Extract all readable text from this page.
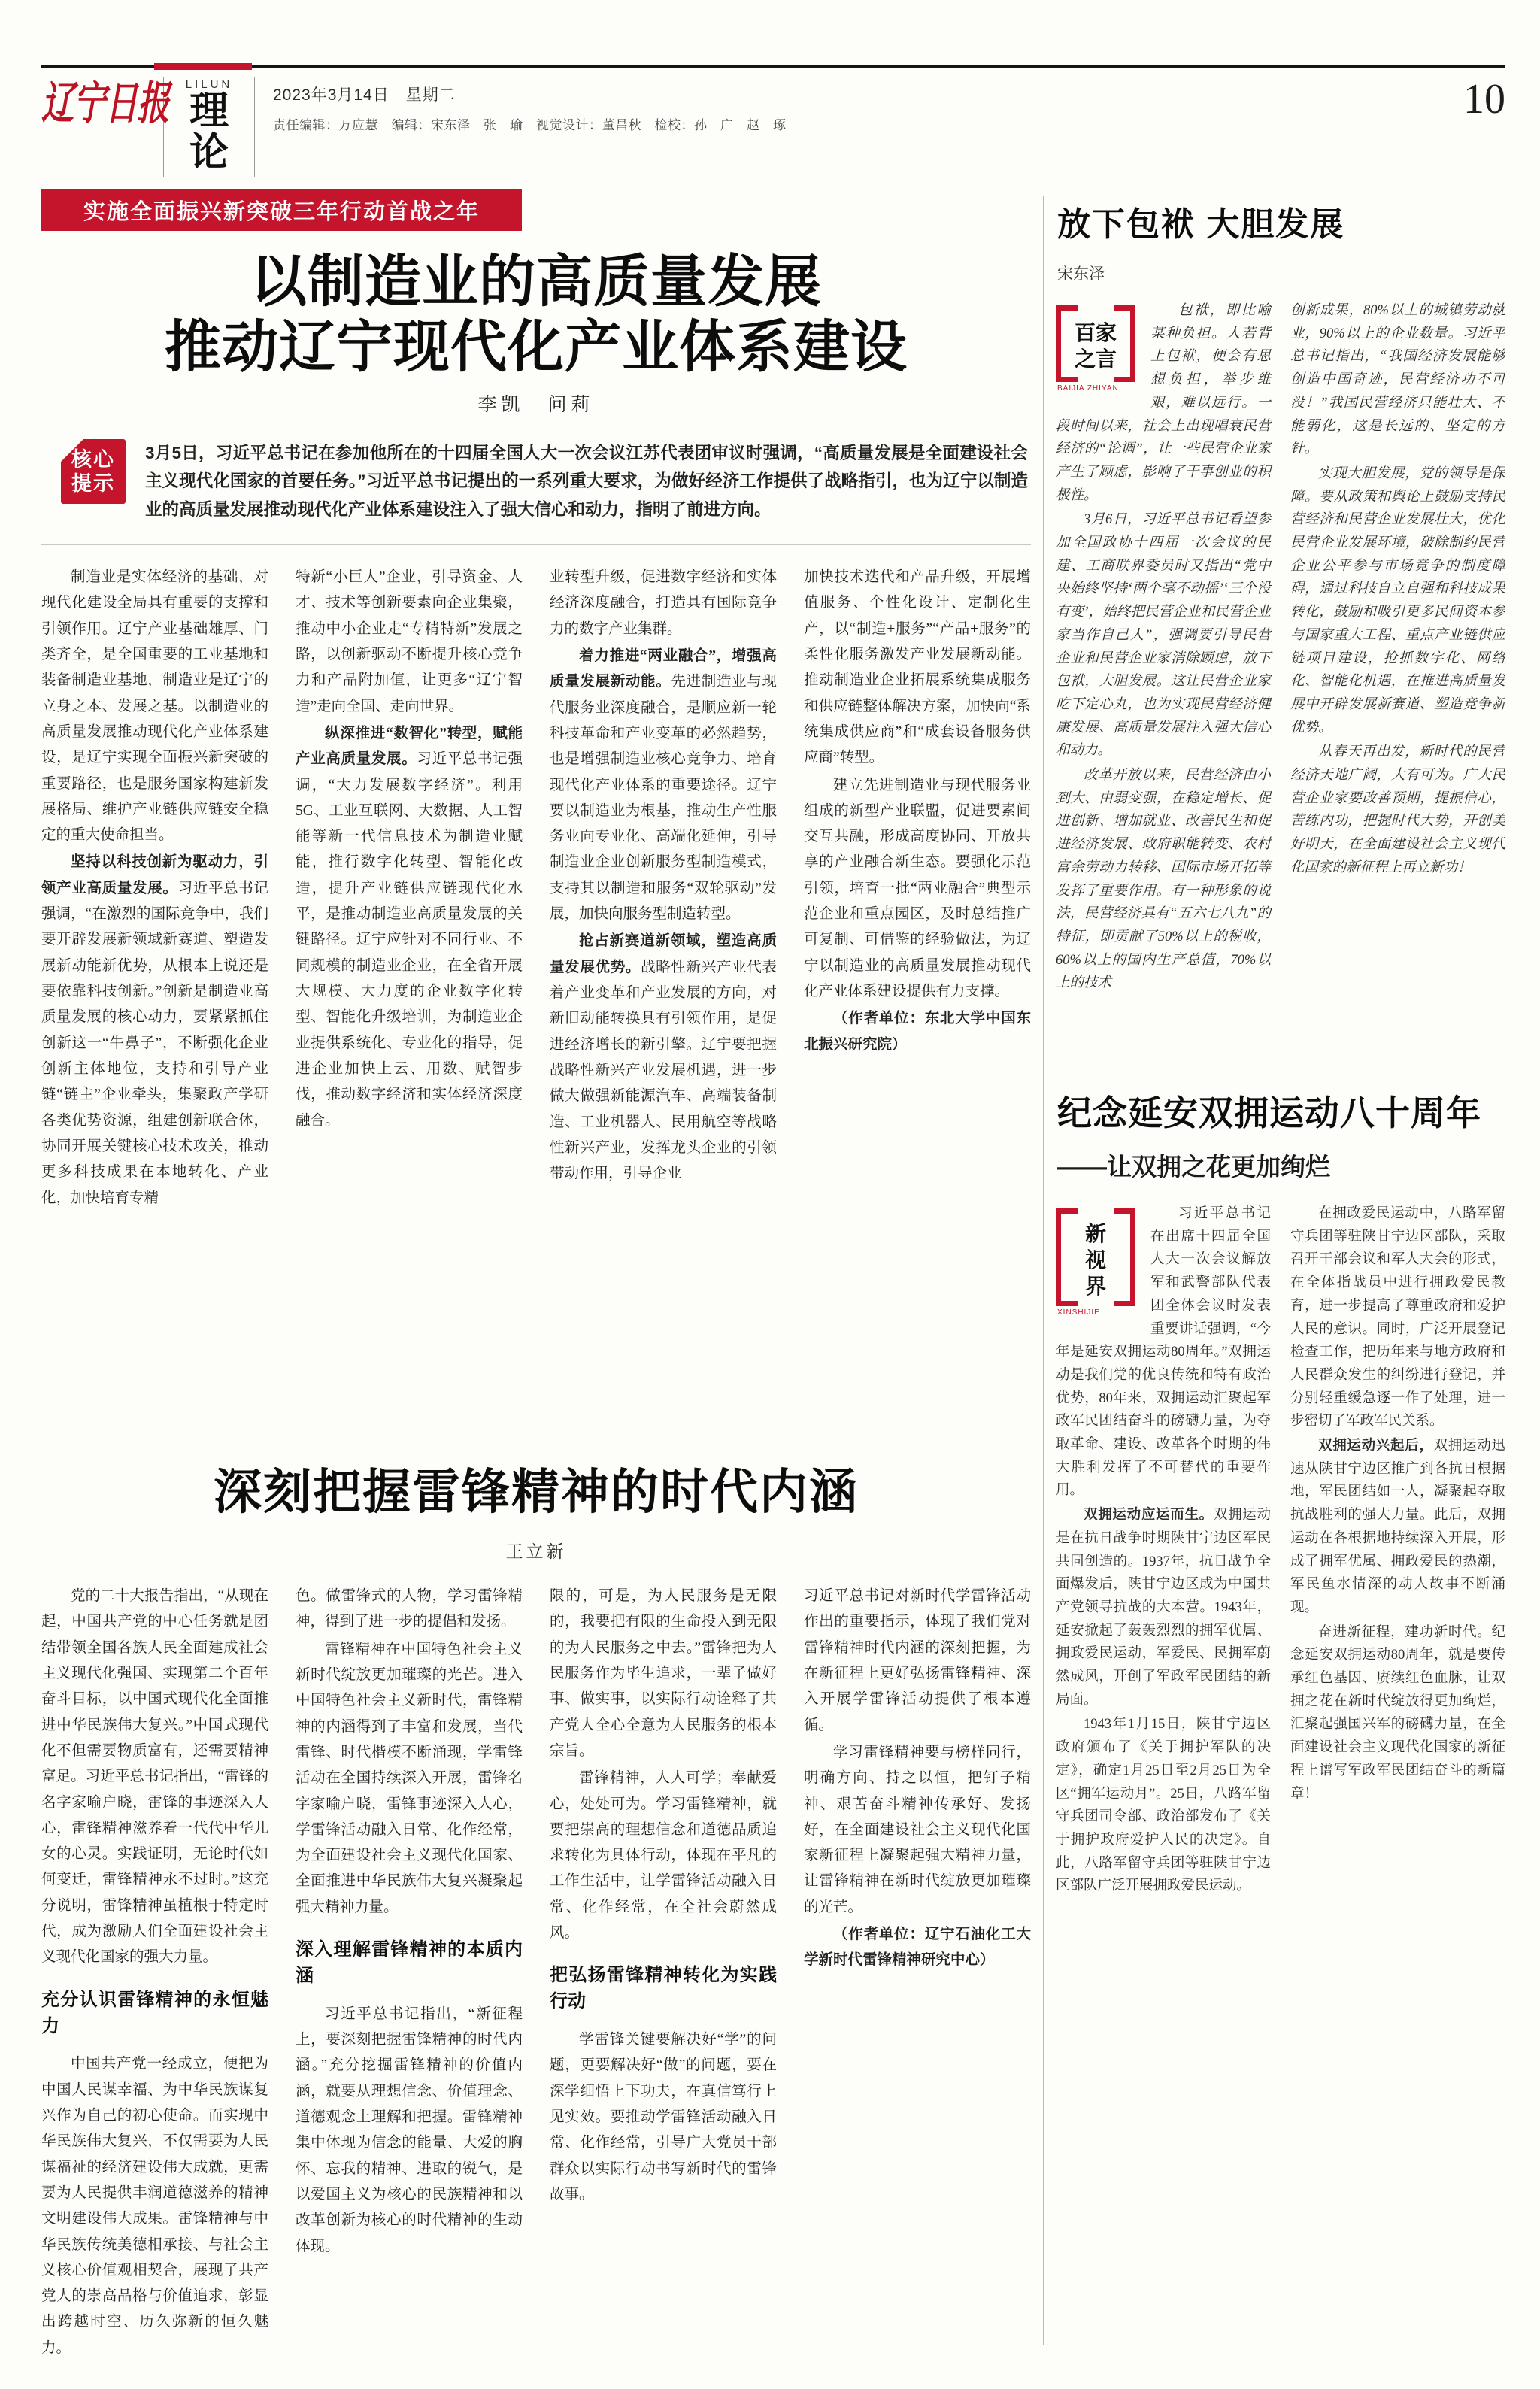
辽宁日报	LILUN
理论
2023年3月14日　星期二
责任编辑：万应慧　编辑：宋东泽　张　瑜　视觉设计：董昌秋　检校：孙　广　赵　琢
10
实施全面振兴新突破三年行动首战之年
以制造业的高质量发展
推动辽宁现代化产业体系建设
李凯　问莉
核心
提示
3月5日，习近平总书记在参加他所在的十四届全国人大一次会议江苏代表团审议时强调，“高质量发展是全面建设社会主义现代化国家的首要任务。”习近平总书记提出的一系列重大要求，为做好经济工作提供了战略指引，也为辽宁以制造业的高质量发展推动现代化产业体系建设注入了强大信心和动力，指明了前进方向。

制造业是实体经济的基础，对现代化建设全局具有重要的支撑和引领作用。辽宁产业基础雄厚、门类齐全，是全国重要的工业基地和装备制造业基地，制造业是辽宁的立身之本、发展之基。以制造业的高质量发展推动现代化产业体系建设，是辽宁实现全面振兴新突破的重要路径，也是服务国家构建新发展格局、维护产业链供应链安全稳定的重大使命担当。

坚持以科技创新为驱动力，引领产业高质量发展。习近平总书记强调，“在激烈的国际竞争中，我们要开辟发展新领域新赛道、塑造发展新动能新优势，从根本上说还是要依靠科技创新。”创新是制造业高质量发展的核心动力，要紧紧抓住创新这一“牛鼻子”，不断强化企业创新主体地位，支持和引导产业链“链主”企业牵头，集聚政产学研各类优势资源，组建创新联合体，协同开展关键核心技术攻关，推动更多科技成果在本地转化、产业化，加快培育专精

特新“小巨人”企业，引导资金、人才、技术等创新要素向企业集聚，推动中小企业走“专精特新”发展之路，以创新驱动不断提升核心竞争力和产品附加值，让更多“辽宁智造”走向全国、走向世界。

纵深推进“数智化”转型，赋能产业高质量发展。习近平总书记强调，“大力发展数字经济”。利用5G、工业互联网、大数据、人工智能等新一代信息技术为制造业赋能，推行数字化转型、智能化改造，提升产业链供应链现代化水平，是推动制造业高质量发展的关键路径。辽宁应针对不同行业、不同规模的制造业企业，在全省开展大规模、大力度的企业数字化转型、智能化升级培训，为制造业企业提供系统化、专业化的指导，促进企业加快上云、用数、赋智步伐，推动数字经济和实体经济深度融合。

业转型升级，促进数字经济和实体经济深度融合，打造具有国际竞争力的数字产业集群。

着力推进“两业融合”，增强高质量发展新动能。先进制造业与现代服务业深度融合，是顺应新一轮科技革命和产业变革的必然趋势，也是增强制造业核心竞争力、培育现代化产业体系的重要途径。辽宁要以制造业为根基，推动生产性服务业向专业化、高端化延伸，引导制造业企业创新服务型制造模式，支持其以制造和服务“双轮驱动”发展，加快向服务型制造转型。

抢占新赛道新领域，塑造高质量发展优势。战略性新兴产业代表着产业变革和产业发展的方向，对新旧动能转换具有引领作用，是促进经济增长的新引擎。辽宁要把握战略性新兴产业发展机遇，进一步做大做强新能源汽车、高端装备制造、工业机器人、民用航空等战略性新兴产业，发挥龙头企业的引领带动作用，引导企业

加快技术迭代和产品升级，开展增值服务、个性化设计、定制化生产，以“制造+服务”“产品+服务”的柔性化服务激发产业发展新动能。推动制造业企业拓展系统集成服务和供应链整体解决方案，加快向“系统集成供应商”和“成套设备服务供应商”转型。

建立先进制造业与现代服务业组成的新型产业联盟，促进要素间交互共融，形成高度协同、开放共享的产业融合新生态。要强化示范引领，培育一批“两业融合”典型示范企业和重点园区，及时总结推广可复制、可借鉴的经验做法，为辽宁以制造业的高质量发展推动现代化产业体系建设提供有力支撑。

（作者单位：东北大学中国东北振兴研究院）

深刻把握雷锋精神的时代内涵
王立新

党的二十大报告指出，“从现在起，中国共产党的中心任务就是团结带领全国各族人民全面建成社会主义现代化强国、实现第二个百年奋斗目标，以中国式现代化全面推进中华民族伟大复兴。”中国式现代化不但需要物质富有，还需要精神富足。习近平总书记指出，“雷锋的名字家喻户晓，雷锋的事迹深入人心，雷锋精神滋养着一代代中华儿女的心灵。实践证明，无论时代如何变迁，雷锋精神永不过时。”这充分说明，雷锋精神虽植根于特定时代，成为激励人们全面建设社会主义现代化国家的强大力量。

充分认识雷锋精神的永恒魅力

中国共产党一经成立，便把为中国人民谋幸福、为中华民族谋复兴作为自己的初心使命。而实现中华民族伟大复兴，不仅需要为人民谋福祉的经济建设伟大成就，更需要为人民提供丰润道德滋养的精神文明建设伟大成果。雷锋精神与中华民族传统美德相承接、与社会主义核心价值观相契合，展现了共产党人的崇高品格与价值追求，彰显出跨越时空、历久弥新的恒久魅力。

色。做雷锋式的人物，学习雷锋精神，得到了进一步的提倡和发扬。

雷锋精神在中国特色社会主义新时代绽放更加璀璨的光芒。进入中国特色社会主义新时代，雷锋精神的内涵得到了丰富和发展，当代雷锋、时代楷模不断涌现，学雷锋活动在全国持续深入开展，雷锋名字家喻户晓，雷锋事迹深入人心，学雷锋活动融入日常、化作经常，为全面建设社会主义现代化国家、全面推进中华民族伟大复兴凝聚起强大精神力量。

深入理解雷锋精神的本质内涵

习近平总书记指出，“新征程上，要深刻把握雷锋精神的时代内涵。”充分挖掘雷锋精神的价值内涵，就要从理想信念、价值理念、道德观念上理解和把握。雷锋精神集中体现为信念的能量、大爱的胸怀、忘我的精神、进取的锐气，是以爱国主义为核心的民族精神和以改革创新为核心的时代精神的生动体现。

限的，可是，为人民服务是无限的，我要把有限的生命投入到无限的为人民服务之中去。”雷锋把为人民服务作为毕生追求，一辈子做好事、做实事，以实际行动诠释了共产党人全心全意为人民服务的根本宗旨。

雷锋精神，人人可学；奉献爱心，处处可为。学习雷锋精神，就要把崇高的理想信念和道德品质追求转化为具体行动，体现在平凡的工作生活中，让学雷锋活动融入日常、化作经常，在全社会蔚然成风。

把弘扬雷锋精神转化为实践行动

学雷锋关键要解决好“学”的问题，更要解决好“做”的问题，要在深学细悟上下功夫，在真信笃行上见实效。要推动学雷锋活动融入日常、化作经常，引导广大党员干部群众以实际行动书写新时代的雷锋故事。

习近平总书记对新时代学雷锋活动作出的重要指示，体现了我们党对雷锋精神时代内涵的深刻把握，为在新征程上更好弘扬雷锋精神、深入开展学雷锋活动提供了根本遵循。

学习雷锋精神要与榜样同行，明确方向、持之以恒，把钉子精神、艰苦奋斗精神传承好、发扬好，在全面建设社会主义现代化国家新征程上凝聚起强大精神力量，让雷锋精神在新时代绽放更加璀璨的光芒。

（作者单位：辽宁石油化工大学新时代雷锋精神研究中心）

放下包袱 大胆发展
宋东泽
百家
之言
BAIJIA ZHIYAN

包袱，即比喻某种负担。人若背上包袱，便会有思想负担，举步维艰，难以远行。一段时间以来，社会上出现唱衰民营经济的“论调”，让一些民营企业家产生了顾虑，影响了干事创业的积极性。

3月6日，习近平总书记看望参加全国政协十四届一次会议的民建、工商联界委员时又指出“党中央始终坚持‘两个毫不动摇’‘三个没有变’，始终把民营企业和民营企业家当作自己人”，强调要引导民营企业和民营企业家消除顾虑，放下包袱，大胆发展。这让民营企业家吃下定心丸，也为实现民营经济健康发展、高质量发展注入强大信心和动力。

改革开放以来，民营经济由小到大、由弱变强，在稳定增长、促进创新、增加就业、改善民生和促进经济发展、政府职能转变、农村富余劳动力转移、国际市场开拓等发挥了重要作用。有一种形象的说法，民营经济具有“五六七八九”的特征，即贡献了50%以上的税收，60%以上的国内生产总值，70%以上的技术

创新成果，80%以上的城镇劳动就业，90%以上的企业数量。习近平总书记指出，“我国经济发展能够创造中国奇迹，民营经济功不可没！”我国民营经济只能壮大、不能弱化，这是长远的、坚定的方针。

实现大胆发展，党的领导是保障。要从政策和舆论上鼓励支持民营经济和民营企业发展壮大，优化民营企业发展环境，破除制约民营企业公平参与市场竞争的制度障碍，通过科技自立自强和科技成果转化，鼓励和吸引更多民间资本参与国家重大工程、重点产业链供应链项目建设，抢抓数字化、网络化、智能化机遇，在推进高质量发展中开辟发展新赛道、塑造竞争新优势。

从春天再出发，新时代的民营经济天地广阔，大有可为。广大民营企业家要改善预期，提振信心，苦练内功，把握时代大势，开创美好明天，在全面建设社会主义现代化国家的新征程上再立新功！

纪念延安双拥运动八十周年
——让双拥之花更加绚烂
新
视
界
XINSHIJIE

习近平总书记在出席十四届全国人大一次会议解放军和武警部队代表团全体会议时发表重要讲话强调，“今年是延安双拥运动80周年。”双拥运动是我们党的优良传统和特有政治优势，80年来，双拥运动汇聚起军政军民团结奋斗的磅礴力量，为夺取革命、建设、改革各个时期的伟大胜利发挥了不可替代的重要作用。

双拥运动应运而生。双拥运动是在抗日战争时期陕甘宁边区军民共同创造的。1937年，抗日战争全面爆发后，陕甘宁边区成为中国共产党领导抗战的大本营。1943年，延安掀起了轰轰烈烈的拥军优属、拥政爱民运动，军爱民、民拥军蔚然成风，开创了军政军民团结的新局面。

1943年1月15日，陕甘宁边区政府颁布了《关于拥护军队的决定》，确定1月25日至2月25日为全区“拥军运动月”。25日，八路军留守兵团司令部、政治部发布了《关于拥护政府爱护人民的决定》。自此，八路军留守兵团等驻陕甘宁边区部队广泛开展拥政爱民运动。

在拥政爱民运动中，八路军留守兵团等驻陕甘宁边区部队，采取召开干部会议和军人大会的形式，在全体指战员中进行拥政爱民教育，进一步提高了尊重政府和爱护人民的意识。同时，广泛开展登记检查工作，把历年来与地方政府和人民群众发生的纠纷进行登记，并分别轻重缓急逐一作了处理，进一步密切了军政军民关系。

双拥运动兴起后，双拥运动迅速从陕甘宁边区推广到各抗日根据地，军民团结如一人，凝聚起夺取抗战胜利的强大力量。此后，双拥运动在各根据地持续深入开展，形成了拥军优属、拥政爱民的热潮，军民鱼水情深的动人故事不断涌现。

奋进新征程，建功新时代。纪念延安双拥运动80周年，就是要传承红色基因、赓续红色血脉，让双拥之花在新时代绽放得更加绚烂，汇聚起强国兴军的磅礴力量，在全面建设社会主义现代化国家的新征程上谱写军政军民团结奋斗的新篇章！
